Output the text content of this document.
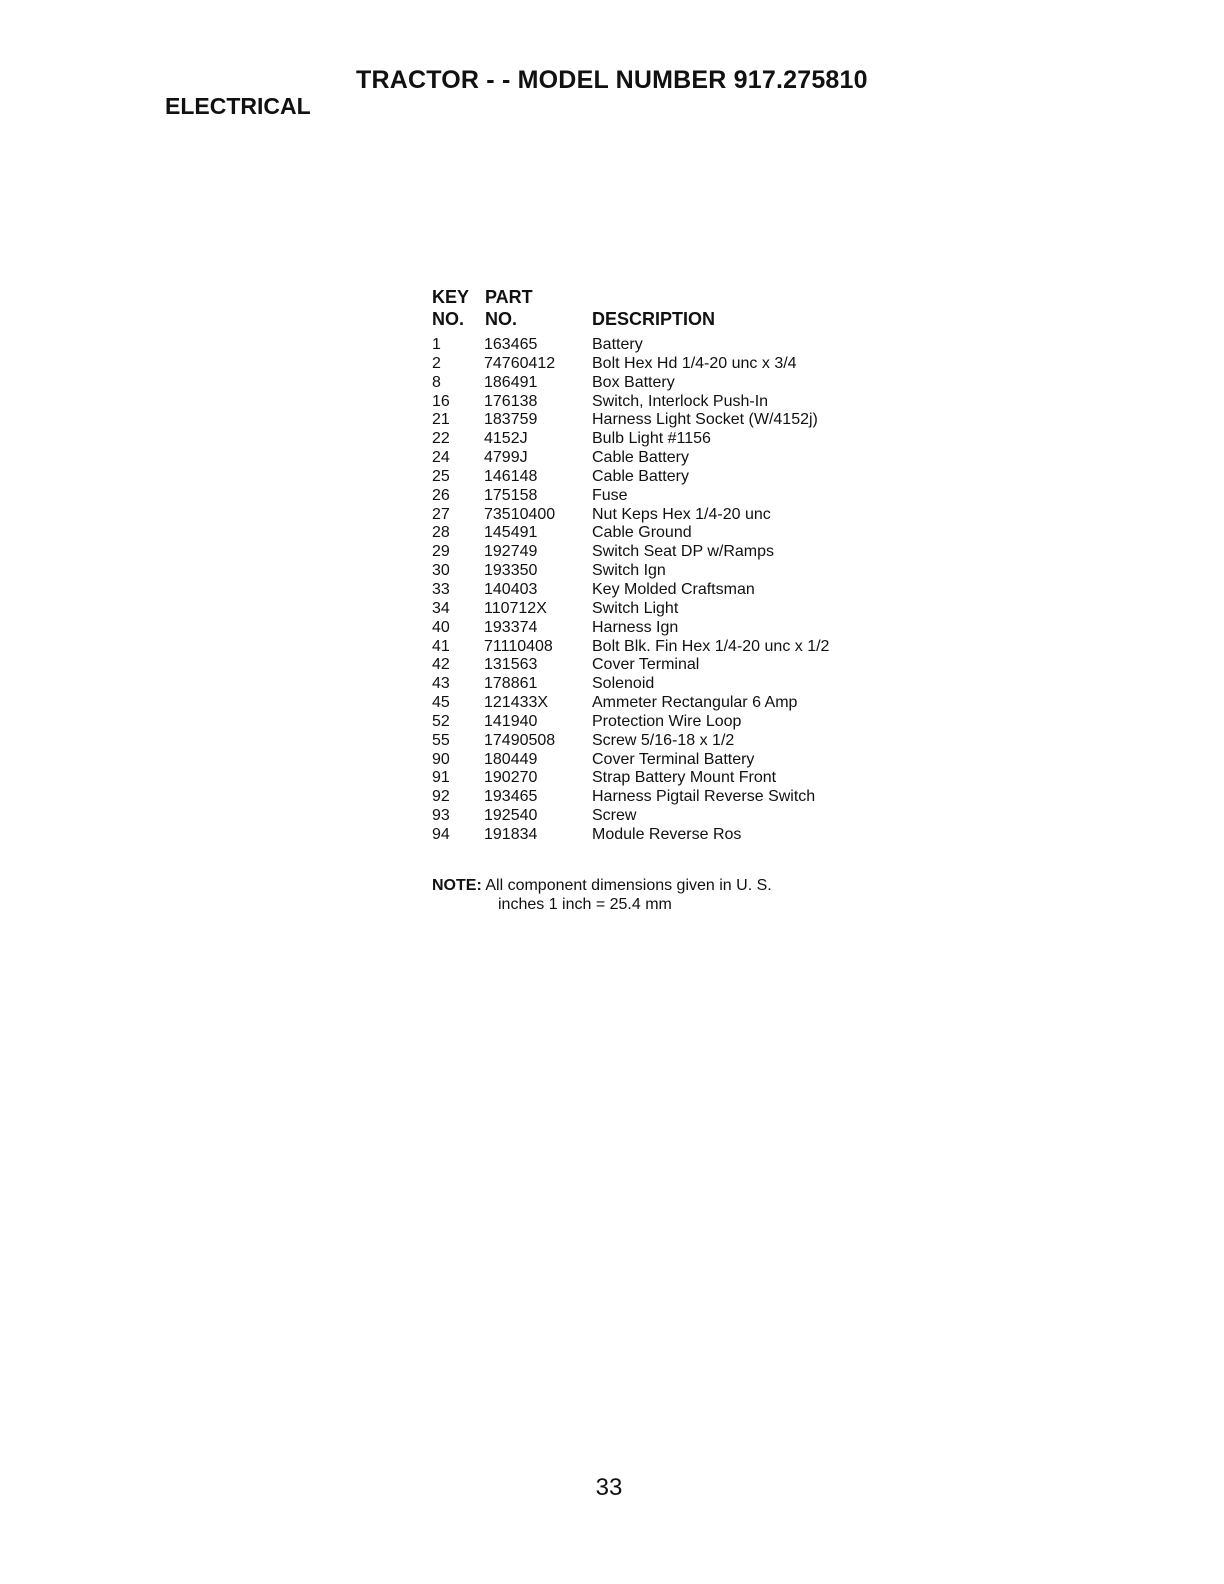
TRACTOR - - MODEL NUMBER 917.275810
ELECTRICAL
KEY PART
NO. NO.	DESCRIPTION
1	163465	Battery
2	74760412 Bolt Hex Hd 1/4-20 unc x 3/4
8	186491	Box Battery
16 176138	Switch, Interlock Push-In
21 183759	Harness Light Socket (W/4152j)
22 4152J	Bulb Light #1156
24 4799J	Cable Battery
25 146148	Cable Battery
26 175158	Fuse
27 73510400 Nut Keps Hex 1/4-20 unc
28 145491	Cable Ground
29 192749	Switch Seat DP w/Ramps
30 193350	Switch Ign
33 140403	Key Molded Craftsman
34 110712X	Switch Light
40 193374	Harness Ign
41 71110408 Bolt Blk. Fin Hex 1/4-20 unc x 1/2
42 131563	Cover Terminal
43 178861	Solenoid
45 121433X	Ammeter Rectangular 6 Amp
52 141940	Protection Wire Loop
55 17490508 Screw 5/16-18 x 1/2
90 180449	Cover Terminal Battery
91 190270	Strap Battery Mount Front
92 193465	Harness Pigtail Reverse Switch
93 192540	Screw
94 191834	Module Reverse Ros
NOTE: All component dimensions given in U. S.
inches 1 inch = 25.4 mm
33
